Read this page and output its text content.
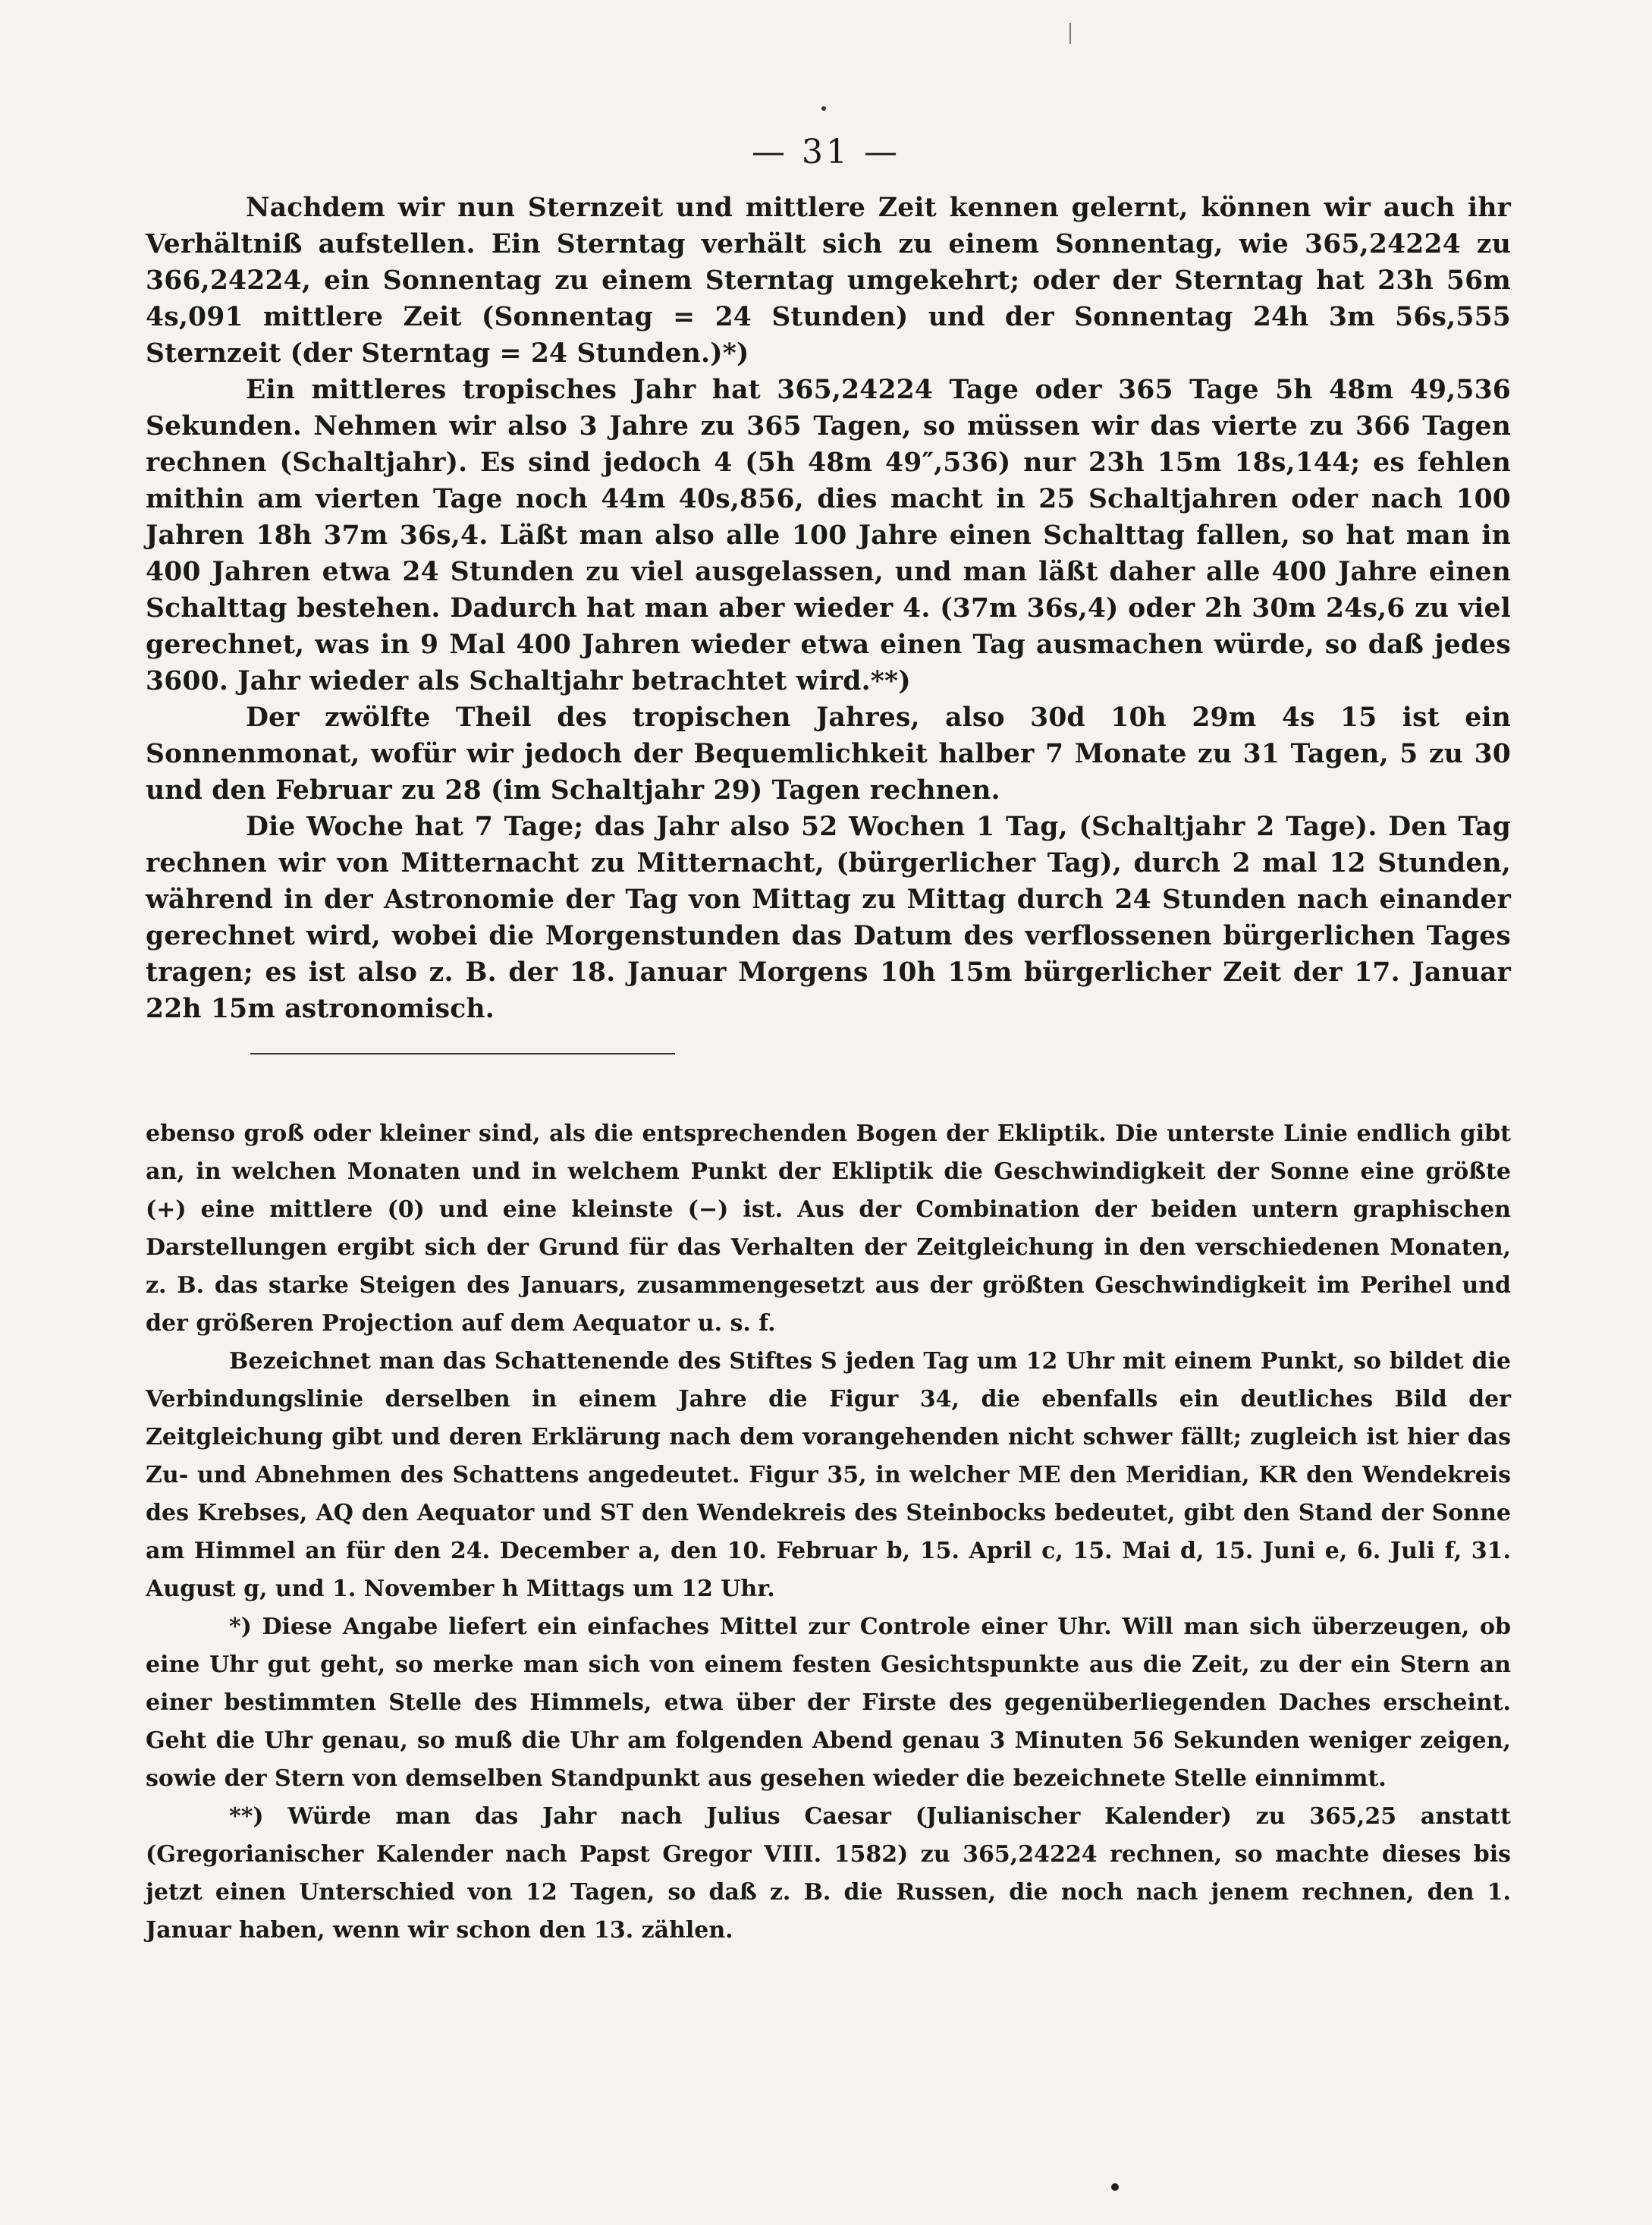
— 31 —

Nachdem wir nun Sternzeit und mittlere Zeit kennen gelernt, können wir auch ihr Verhältniß aufstellen. Ein Sterntag verhält sich zu einem Sonnentag, wie 365,24224 zu 366,24224, ein Sonnentag zu einem Sterntag umgekehrt; oder der Sterntag hat 23h 56m 4s,091 mittlere Zeit (Sonnentag = 24 Stunden) und der Sonnentag 24h 3m 56s,555 Sternzeit (der Sterntag = 24 Stunden.)*)

Ein mittleres tropisches Jahr hat 365,24224 Tage oder 365 Tage 5h 48m 49,536 Sekunden. Nehmen wir also 3 Jahre zu 365 Tagen, so müssen wir das vierte zu 366 Tagen rechnen (Schaltjahr). Es sind jedoch 4 (5h 48m 49″,536) nur 23h 15m 18s,144; es fehlen mithin am vierten Tage noch 44m 40s,856, dies macht in 25 Schaltjahren oder nach 100 Jahren 18h 37m 36s,4. Läßt man also alle 100 Jahre einen Schalttag fallen, so hat man in 400 Jahren etwa 24 Stunden zu viel ausgelassen, und man läßt daher alle 400 Jahre einen Schalttag bestehen. Dadurch hat man aber wieder 4. (37m 36s,4) oder 2h 30m 24s,6 zu viel gerechnet, was in 9 Mal 400 Jahren wieder etwa einen Tag ausmachen würde, so daß jedes 3600. Jahr wieder als Schaltjahr betrachtet wird.**)

Der zwölfte Theil des tropischen Jahres, also 30d 10h 29m 4s 15 ist ein Sonnenmonat, wofür wir jedoch der Bequemlichkeit halber 7 Monate zu 31 Tagen, 5 zu 30 und den Februar zu 28 (im Schaltjahr 29) Tagen rechnen.

Die Woche hat 7 Tage; das Jahr also 52 Wochen 1 Tag, (Schaltjahr 2 Tage). Den Tag rechnen wir von Mitternacht zu Mitternacht, (bürgerlicher Tag), durch 2 mal 12 Stunden, während in der Astronomie der Tag von Mittag zu Mittag durch 24 Stunden nach einander gerechnet wird, wobei die Morgenstunden das Datum des verflossenen bürgerlichen Tages tragen; es ist also z. B. der 18. Januar Morgens 10h 15m bürgerlicher Zeit der 17. Januar 22h 15m astronomisch.

ebenso groß oder kleiner sind, als die entsprechenden Bogen der Ekliptik. Die unterste Linie endlich gibt an, in welchen Monaten und in welchem Punkt der Ekliptik die Geschwindigkeit der Sonne eine größte (+) eine mittlere (0) und eine kleinste (−) ist. Aus der Combination der beiden untern graphischen Darstellungen ergibt sich der Grund für das Verhalten der Zeitgleichung in den verschiedenen Monaten, z. B. das starke Steigen des Januars, zusammengesetzt aus der größten Geschwindigkeit im Perihel und der größeren Projection auf dem Aequator u. s. f.

Bezeichnet man das Schattenende des Stiftes S jeden Tag um 12 Uhr mit einem Punkt, so bildet die Verbindungslinie derselben in einem Jahre die Figur 34, die ebenfalls ein deutliches Bild der Zeitgleichung gibt und deren Erklärung nach dem vorangehenden nicht schwer fällt; zugleich ist hier das Zu- und Abnehmen des Schattens angedeutet. Figur 35, in welcher ME den Meridian, KR den Wendekreis des Krebses, AQ den Aequator und ST den Wendekreis des Steinbocks bedeutet, gibt den Stand der Sonne am Himmel an für den 24. December a, den 10. Februar b, 15. April c, 15. Mai d, 15. Juni e, 6. Juli f, 31. August g, und 1. November h Mittags um 12 Uhr.

*) Diese Angabe liefert ein einfaches Mittel zur Controle einer Uhr. Will man sich überzeugen, ob eine Uhr gut geht, so merke man sich von einem festen Gesichtspunkte aus die Zeit, zu der ein Stern an einer bestimmten Stelle des Himmels, etwa über der Firste des gegenüberliegenden Daches erscheint. Geht die Uhr genau, so muß die Uhr am folgenden Abend genau 3 Minuten 56 Sekunden weniger zeigen, sowie der Stern von demselben Standpunkt aus gesehen wieder die bezeichnete Stelle einnimmt.

**) Würde man das Jahr nach Julius Caesar (Julianischer Kalender) zu 365,25 anstatt (Gregorianischer Kalender nach Papst Gregor VIII. 1582) zu 365,24224 rechnen, so machte dieses bis jetzt einen Unterschied von 12 Tagen, so daß z. B. die Russen, die noch nach jenem rechnen, den 1. Januar haben, wenn wir schon den 13. zählen.
